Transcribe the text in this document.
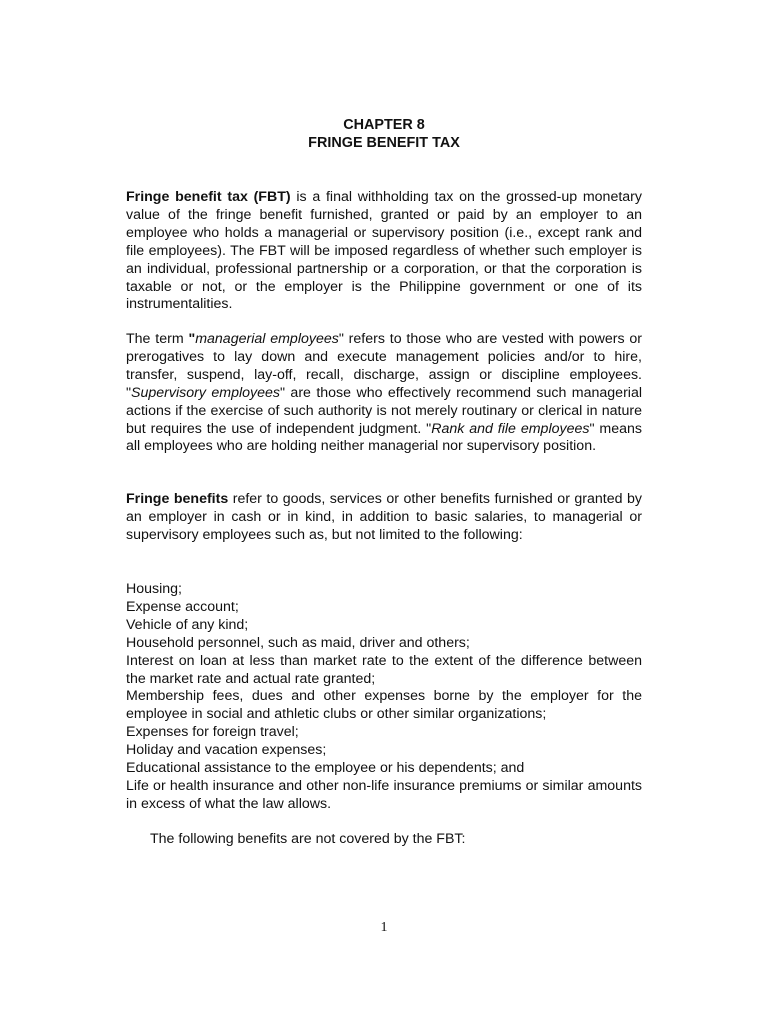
CHAPTER 8
FRINGE BENEFIT TAX

Fringe benefit tax (FBT) is a final withholding tax on the grossed-up monetary value of the fringe benefit furnished, granted or paid by an employer to an employee who holds a managerial or supervisory position (i.e., except rank and file employees). The FBT will be imposed regardless of whether such employer is an individual, professional partnership or a corporation, or that the corporation is taxable or not, or the employer is the Philippine government or one of its instrumentalities.

The term "managerial employees" refers to those who are vested with powers or prerogatives to lay down and execute management policies and/or to hire, transfer, suspend, lay-off, recall, discharge, assign or discipline employees. "Supervisory employees" are those who effectively recommend such managerial actions if the exercise of such authority is not merely routinary or clerical in nature but requires the use of independent judgment. "Rank and file employees" means all employees who are holding neither managerial nor supervisory position.

Fringe benefits refer to goods, services or other benefits furnished or granted by an employer in cash or in kind, in addition to basic salaries, to managerial or supervisory employees such as, but not limited to the following:

Housing;
Expense account;
Vehicle of any kind;
Household personnel, such as maid, driver and others;

Interest on loan at less than market rate to the extent of the difference between the market rate and actual rate granted;

Membership fees, dues and other expenses borne by the employer for the employee in social and athletic clubs or other similar organizations;

Expenses for foreign travel;
Holiday and vacation expenses;
Educational assistance to the employee or his dependents; and

Life or health insurance and other non-life insurance premiums or similar amounts in excess of what the law allows.

The following benefits are not covered by the FBT:
1
